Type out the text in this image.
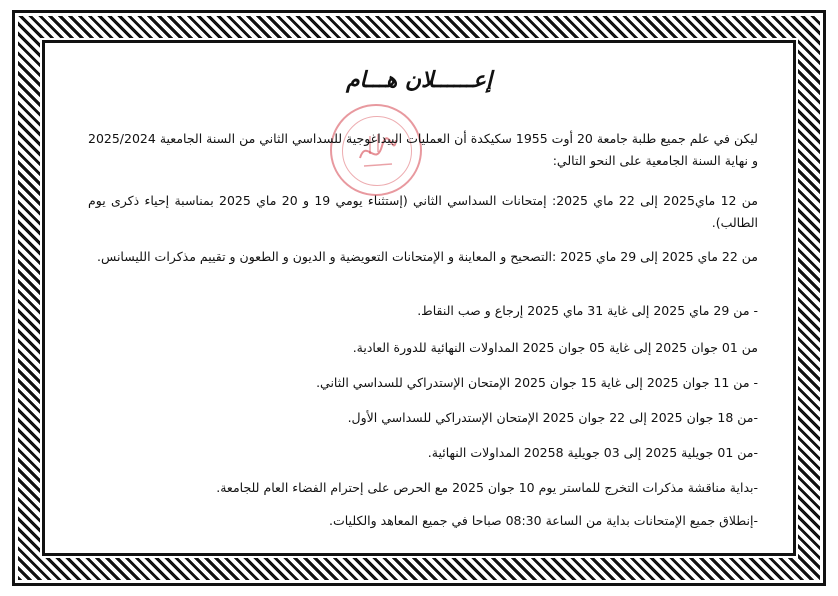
إعــــــلان هـــام
ليكن في علم جميع طلبة جامعة 20 أوت 1955 سكيكدة أن العمليات البيداغوجية للسداسي الثاني من السنة الجامعية 2025/2024 و نهاية السنة الجامعية على النحو التالي:
من 12 ماي2025 إلى 22 ماي 2025: إمتحانات السداسي الثاني (إستثناء يومي 19 و 20 ماي 2025 بمناسبة إحياء ذكرى يوم الطالب).
من 22 ماي 2025 إلى 29 ماي 2025 :التصحيح و المعاينة و الإمتحانات التعويضية و الديون و الطعون و تقييم مذكرات الليسانس.
- من 29 ماي 2025 إلى غاية 31 ماي 2025 إرجاع و صب النقاط.
من 01 جوان 2025 إلى غاية 05 جوان 2025 المداولات النهائية للدورة العادية.
- من 11 جوان 2025 إلى غاية 15 جوان 2025 الإمتحان الإستدراكي للسداسي الثاني.
-من 18 جوان 2025 إلى 22 جوان 2025 الإمتحان الإستدراكي للسداسي الأول.
-من 01 جويلية 2025 إلى 03 جويلية 20258 المداولات النهائية.
-بداية مناقشة مذكرات التخرج للماستر يوم 10 جوان 2025 مع الحرص على إحترام الفضاء العام للجامعة.
-إنطلاق جميع الإمتحانات بداية من الساعة 08:30 صباحا في جميع المعاهد والكليات.
